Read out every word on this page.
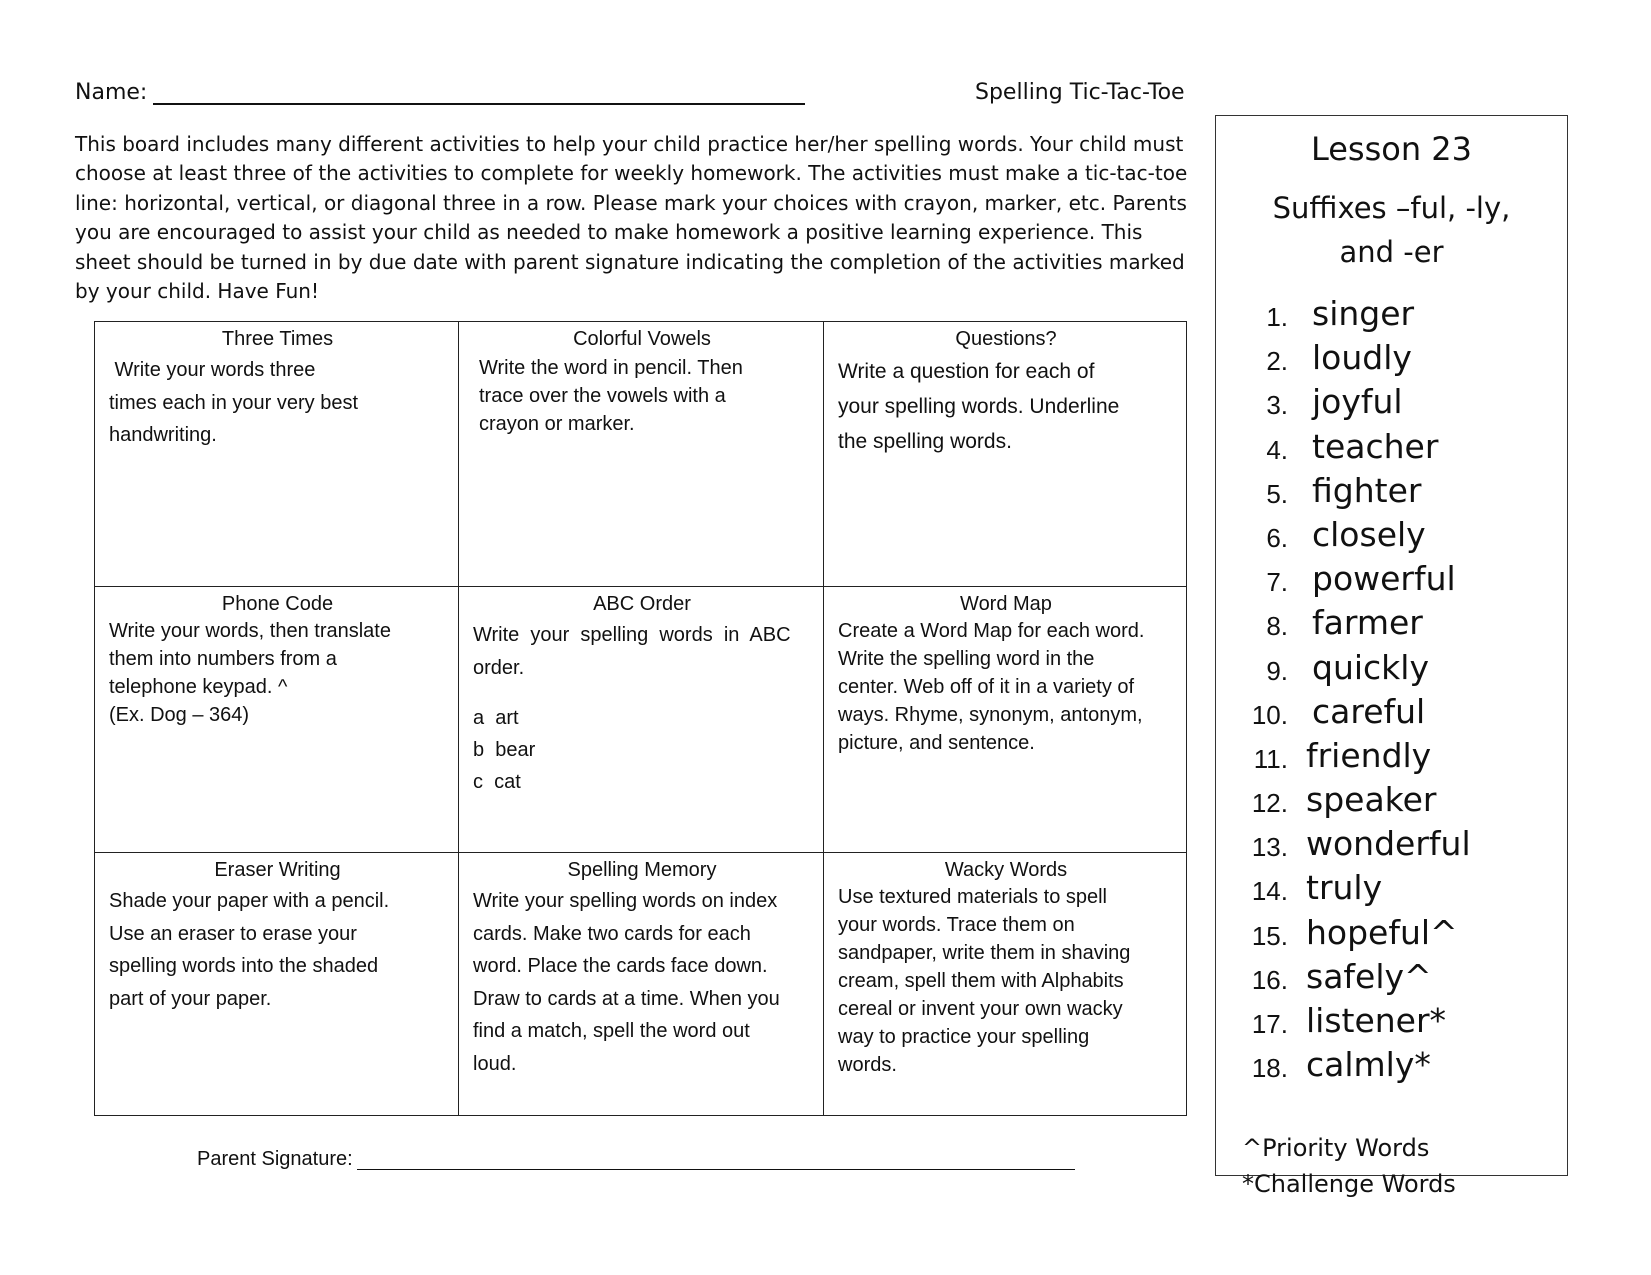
Name:	Spelling Tic-Tac-Toe
This board includes many different activities to help your child practice her/her spelling words. Your child must choose at least three of the activities to complete for weekly homework. The activities must make a tic-tac-toe line: horizontal, vertical, or diagonal three in a row. Please mark your choices with crayon, marker, etc. Parents you are encouraged to assist your child as needed to make homework a positive learning experience. This sheet should be turned in by due date with parent signature indicating the completion of the activities marked by your child. Have Fun!
Three Times
Write your words three
times each in your very best
handwriting.
Colorful Vowels
Write the word in pencil. Then
trace over the vowels with a
crayon or marker.
Questions?
Write a question for each of
your spelling words. Underline
the spelling words.
Phone Code
Write your words, then translate
them into numbers from a
telephone keypad. ^
(Ex. Dog – 364)
ABC Order
Write  your  spelling  words  in  ABC
order.
a  art
b  bear
c  cat
Word Map
Create a Word Map for each word.
Write the spelling word in the
center. Web off of it in a variety of
ways. Rhyme, synonym, antonym,
picture, and sentence.
Eraser Writing
Shade your paper with a pencil.
Use an eraser to erase your
spelling words into the shaded
part of your paper.
Spelling Memory
Write your spelling words on index
cards. Make two cards for each
word. Place the cards face down.
Draw to cards at a time. When you
find a match, spell the word out
loud.
Wacky Words
Use textured materials to spell
your words. Trace them on
sandpaper, write them in shaving
cream, spell them with Alphabits
cereal or invent your own wacky
way to practice your spelling
words.
Parent Signature:
Lesson 23
Suffixes –ful, -ly,
and -er
1. singer
2. loudly
3. joyful
4. teacher
5. fighter
6. closely
7. powerful
8. farmer
9. quickly
10. careful
11. friendly
12. speaker
13. wonderful
14. truly
15. hopeful^
16. safely^
17. listener*
18. calmly*
^Priority Words
*Challenge Words
